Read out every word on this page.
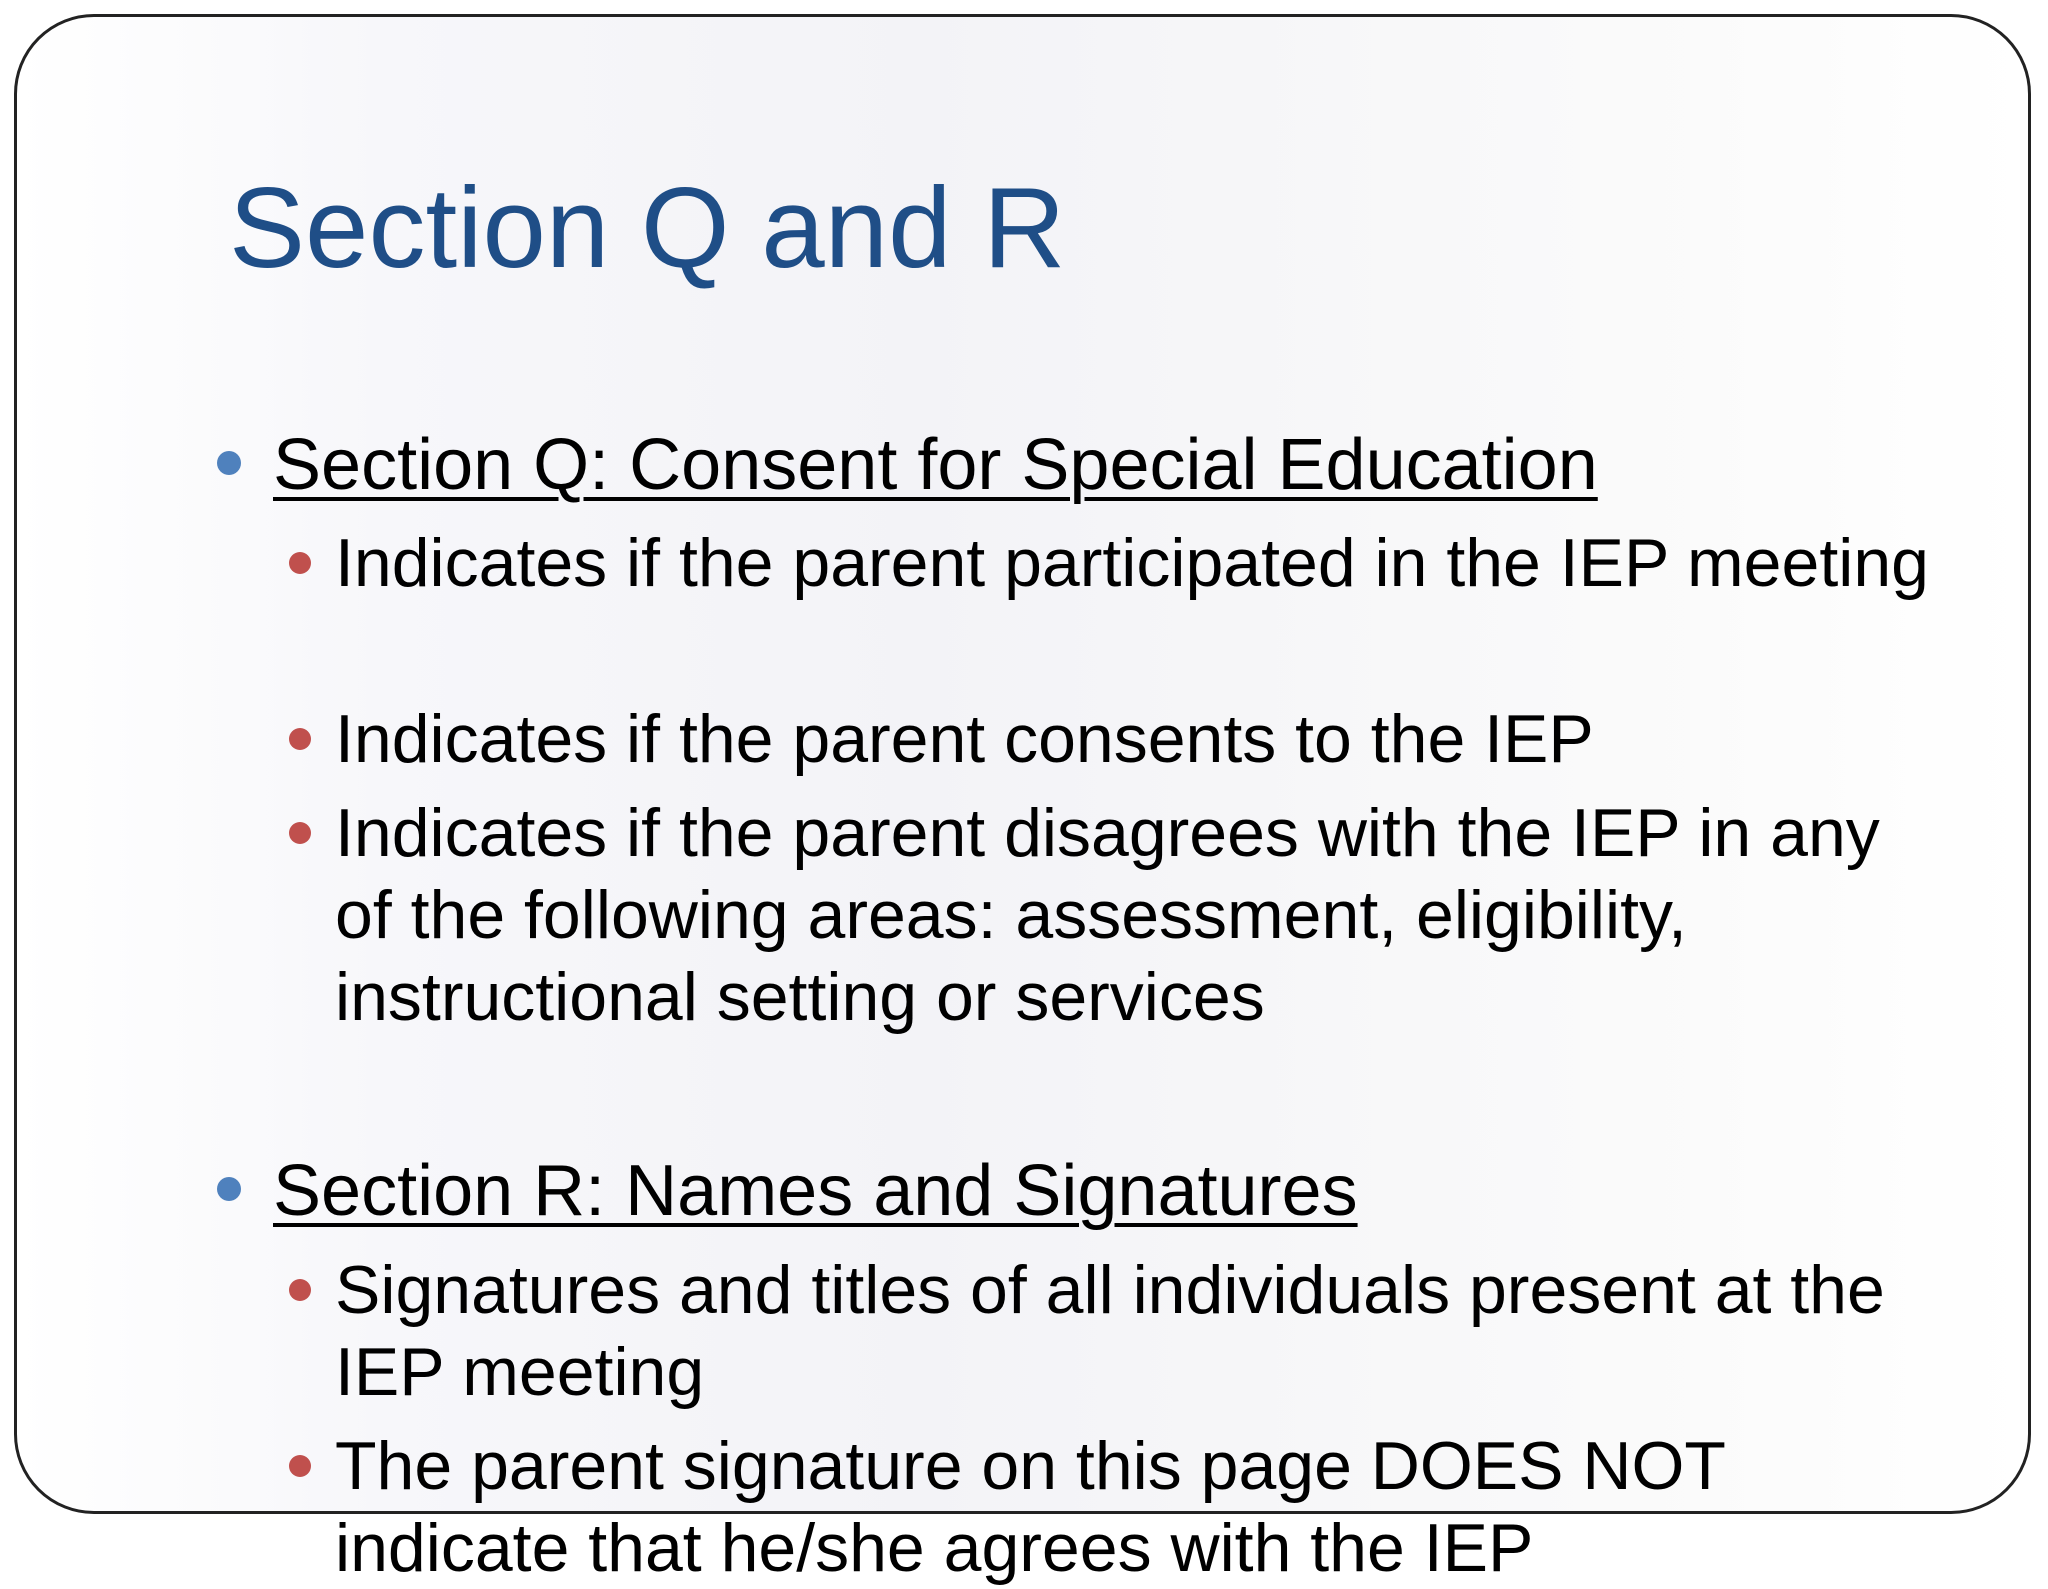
Section Q and R
Section Q: Consent for Special Education
Indicates if the parent participated in the IEP meeting
Indicates if the parent consents to the IEP
Indicates if the parent disagrees with the IEP in any of the following areas: assessment, eligibility, instructional setting or services
Section R: Names and Signatures
Signatures and titles of all individuals present at the IEP meeting
The parent signature on this page DOES NOT indicate that he/she agrees with the IEP
